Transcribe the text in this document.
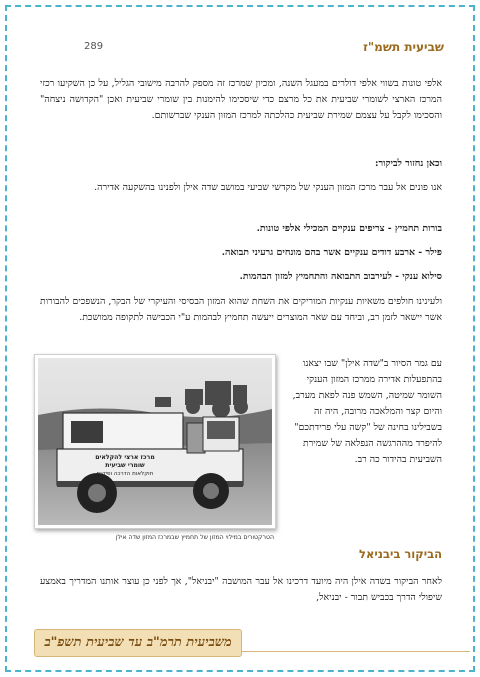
שביעית תשמ"ז
289
אלפי טונות בשווי אלפי דולרים במעגל השנה, ומכיון שמרכז זה מספק להרבה מישובי הגליל, על כן השקיעו רכזי המרכז הארצי לשומרי שביעית את כל מרצם כדי שיסכימו להימנות בין שומרי שביעית ואכן "הקדושה ניצחה" והסכימו לקבל על עצמם שמירת שביעית כהלכתה למרכז המזון הענקי שברשותם.
וכאן נחזור לביקור:
אנו פונים אל עבר מרכז המזון הענקי של מקדשי שביעי במושב שדה אילן ולפנינו בהשקעה אדירה.
בורות תחמיץ - צריפים ענקיים המכילי אלפי טונות.
פילר - ארבע דודים ענקיים אשר בהם מונחים גרעיני תבואה.
סילוא ענקי - לעירבוב התבואה והתחמיץ למזון הבהמות.
ולעינינו חולפים משאיות ענקיות המוריקים את השחת שהוא המזון הבסיסי והעיקרי של הבקר, הנשפכים להבורות אשר יישאר לזמן רב, וביחד עם שאר המוצרים ייעשה תחמיץ לבהמות ע"י הכבישה לתקופה ממושכת.
מרכז ארצי להקלאים
שומרי שביעית
חוקלאות הדרכה ופיקוח
הטרקטורים במילוי המזון של תחמיץ שבמרכז המזון שדה אילן
עם גמר הסיור ב"שדה אילן" שבו יצאנו בהתפעלות אדירה ממרכז המזון הענקי השומר שמיטה, השמש פנה לפאת מערב, והיום קצר והמלאכה מרובה, היה זה בשבילינו בחינה של "קשה עלי פרידתכם" להיפרד מההרגשה הנפלאה של שמירת השביעית בהידור כה רב.
הביקור ביבניאל
לאחר הביקור בשדה אילן היה מיועד דרכינו אל עבר המושבה "יבניאל", אך לפני כן עוצר אותנו המדריך באמצע שיפולי הדרך בכביש תבור - יבניאל,
משביעית תרמ"ב עד שביעית תשפ"ב
